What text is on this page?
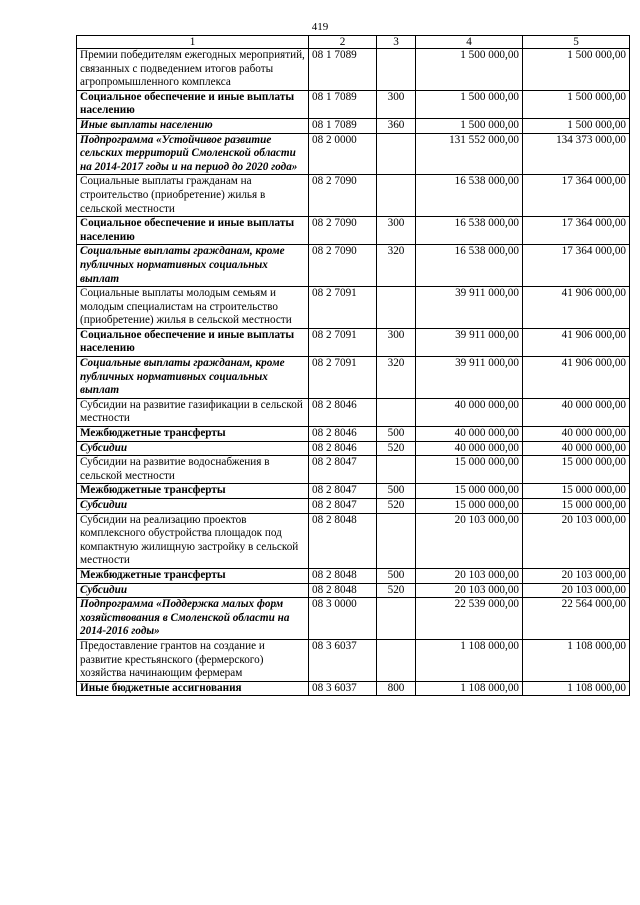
419
1	2	3	4	5
Премии победителям ежегодных мероприятий, связанных с подведением итогов работы агропромышленного комплекса	08 1 7089		1 500 000,00	1 500 000,00
Социальное обеспечение и иные выплаты населению	08 1 7089	300	1 500 000,00	1 500 000,00
Иные выплаты населению	08 1 7089	360	1 500 000,00	1 500 000,00
Подпрограмма «Устойчивое развитие сельских территорий Смоленской области на 2014-2017 годы и на период до 2020 года»	08 2 0000		131 552 000,00	134 373 000,00
Социальные выплаты гражданам на строительство (приобретение) жилья в сельской местности	08 2 7090		16 538 000,00	17 364 000,00
Социальное обеспечение и иные выплаты населению	08 2 7090	300	16 538 000,00	17 364 000,00
Социальные выплаты гражданам, кроме публичных нормативных социальных выплат	08 2 7090	320	16 538 000,00	17 364 000,00
Социальные выплаты молодым семьям и молодым специалистам на строительство (приобретение) жилья в сельской местности	08 2 7091		39 911 000,00	41 906 000,00
Социальное обеспечение и иные выплаты населению	08 2 7091	300	39 911 000,00	41 906 000,00
Социальные выплаты гражданам, кроме публичных нормативных социальных выплат	08 2 7091	320	39 911 000,00	41 906 000,00
Субсидии на развитие газификации в сельской местности	08 2 8046		40 000 000,00	40 000 000,00
Межбюджетные трансферты	08 2 8046	500	40 000 000,00	40 000 000,00
Субсидии	08 2 8046	520	40 000 000,00	40 000 000,00
Субсидии на развитие водоснабжения в сельской местности	08 2 8047		15 000 000,00	15 000 000,00
Межбюджетные трансферты	08 2 8047	500	15 000 000,00	15 000 000,00
Субсидии	08 2 8047	520	15 000 000,00	15 000 000,00
Субсидии на реализацию проектов комплексного обустройства площадок под компактную жилищную застройку в сельской местности	08 2 8048		20 103 000,00	20 103 000,00
Межбюджетные трансферты	08 2 8048	500	20 103 000,00	20 103 000,00
Субсидии	08 2 8048	520	20 103 000,00	20 103 000,00
Подпрограмма «Поддержка малых форм хозяйствования в Смоленской области на 2014-2016 годы»	08 3 0000		22 539 000,00	22 564 000,00
Предоставление грантов на создание и развитие крестьянского (фермерского) хозяйства начинающим фермерам	08 3 6037		1 108 000,00	1 108 000,00
Иные бюджетные ассигнования	08 3 6037	800	1 108 000,00	1 108 000,00
